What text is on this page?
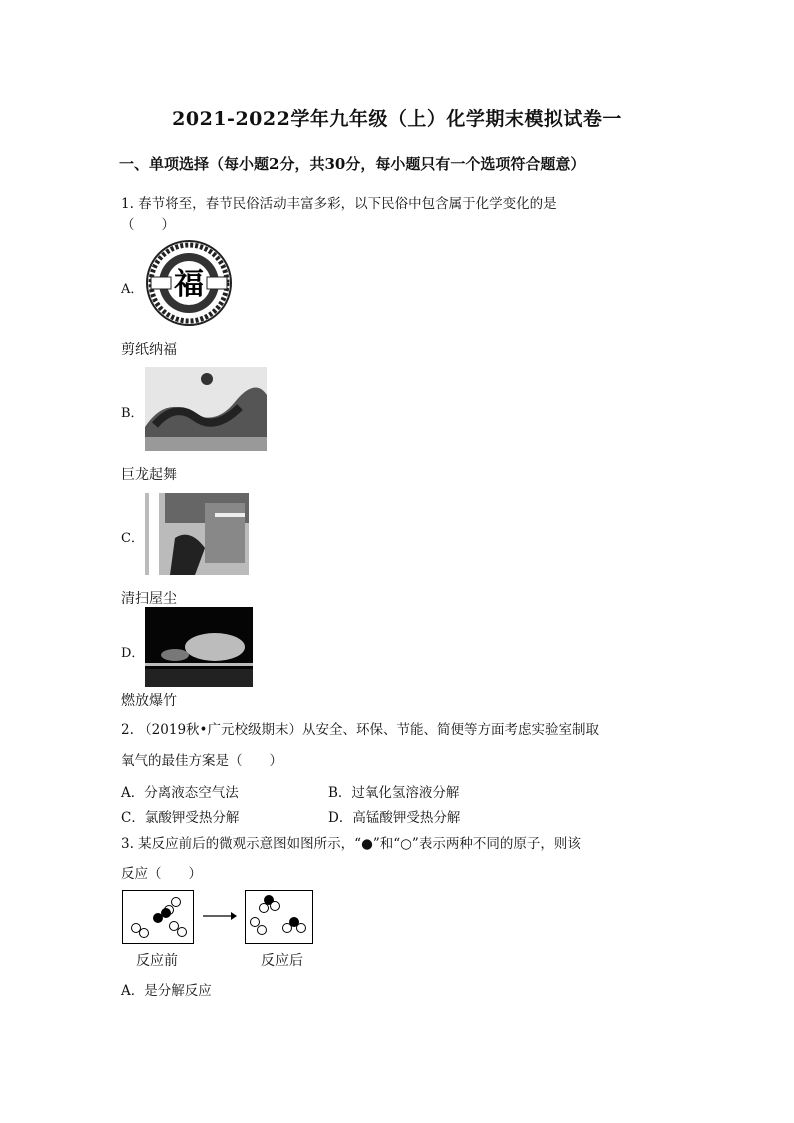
2021-2022学年九年级（上）化学期末模拟试卷一
一、单项选择（每小题2分，共30分，每小题只有一个选项符合题意）
1. 春节将至，春节民俗活动丰富多彩，以下民俗中包含属于化学变化的是
（　　）
A． 福
剪纸纳福
B．
巨龙起舞
C．
清扫屋尘
D．
燃放爆竹
2. （2019秋•广元校级期末）从安全、环保、节能、简便等方面考虑实验室制取
氧气的最佳方案是（　　）
A．分离液态空气法	B．过氧化氢溶液分解
C．氯酸钾受热分解	D．高锰酸钾受热分解
3. 某反应前后的微观示意图如图所示，“●”和“○”表示两种不同的原子，则该
反应（　　）
反应前	反应后
A．是分解反应
